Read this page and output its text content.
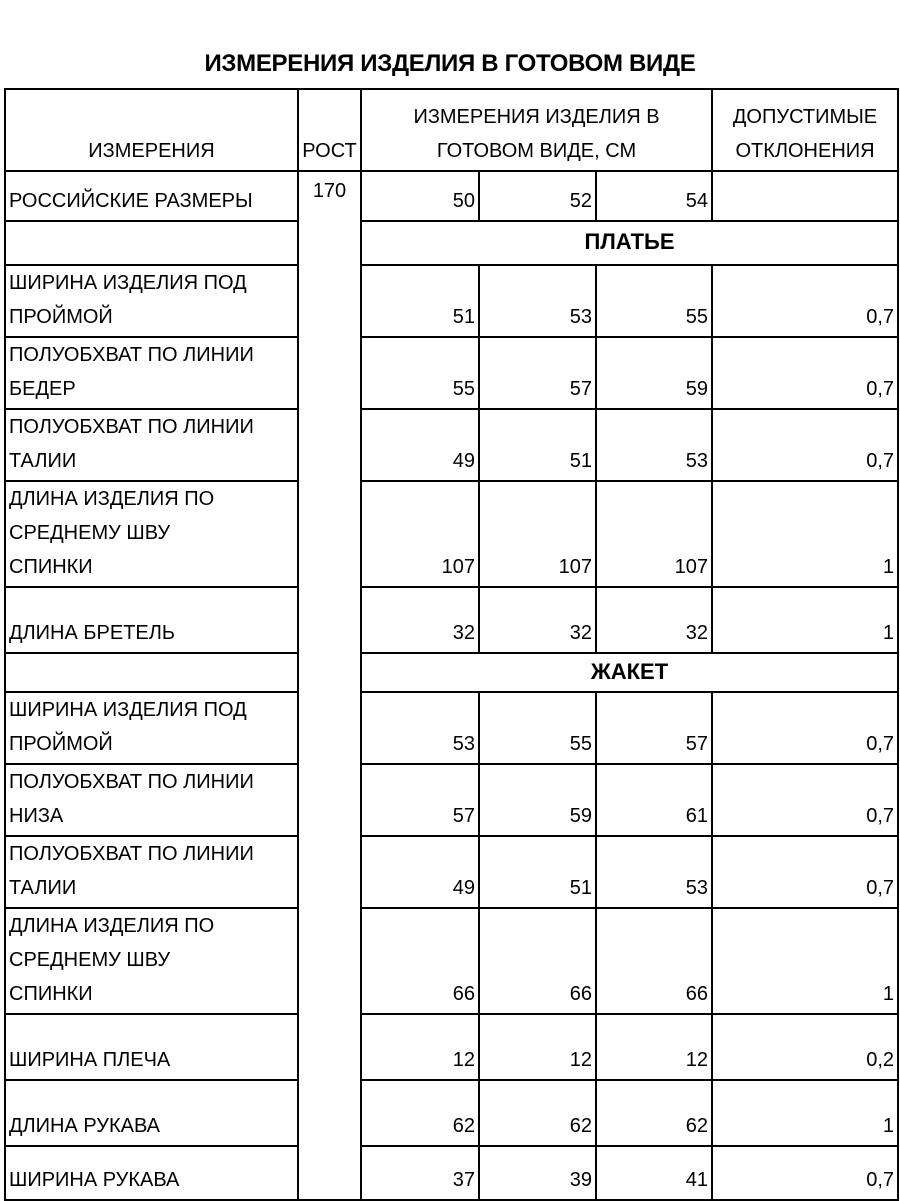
ИЗМЕРЕНИЯ ИЗДЕЛИЯ В ГОТОВОМ ВИДЕ
ИЗМЕРЕНИЯ	РОСТ	ИЗМЕРЕНИЯ ИЗДЕЛИЯ В
ГОТОВОМ ВИДЕ, СМ			ДОПУСТИМЫЕ
ОТКЛОНЕНИЯ
РОССИЙСКИЕ РАЗМЕРЫ	170	50	52	54	
		ПЛАТЬЕ			
ШИРИНА ИЗДЕЛИЯ ПОД
ПРОЙМОЙ		51	53	55	0,7
ПОЛУОБХВАТ ПО ЛИНИИ
БЕДЕР		55	57	59	0,7
ПОЛУОБХВАТ ПО ЛИНИИ
ТАЛИИ		49	51	53	0,7
ДЛИНА ИЗДЕЛИЯ ПО
СРЕДНЕМУ ШВУ
СПИНКИ		107	107	107	1
ДЛИНА БРЕТЕЛЬ		32	32	32	1
		ЖАКЕТ			
ШИРИНА ИЗДЕЛИЯ ПОД
ПРОЙМОЙ		53	55	57	0,7
ПОЛУОБХВАТ ПО ЛИНИИ
НИЗА		57	59	61	0,7
ПОЛУОБХВАТ ПО ЛИНИИ
ТАЛИИ		49	51	53	0,7
ДЛИНА ИЗДЕЛИЯ ПО
СРЕДНЕМУ ШВУ
СПИНКИ		66	66	66	1
ШИРИНА ПЛЕЧА		12	12	12	0,2
ДЛИНА РУКАВА		62	62	62	1
ШИРИНА РУКАВА		37	39	41	0,7
